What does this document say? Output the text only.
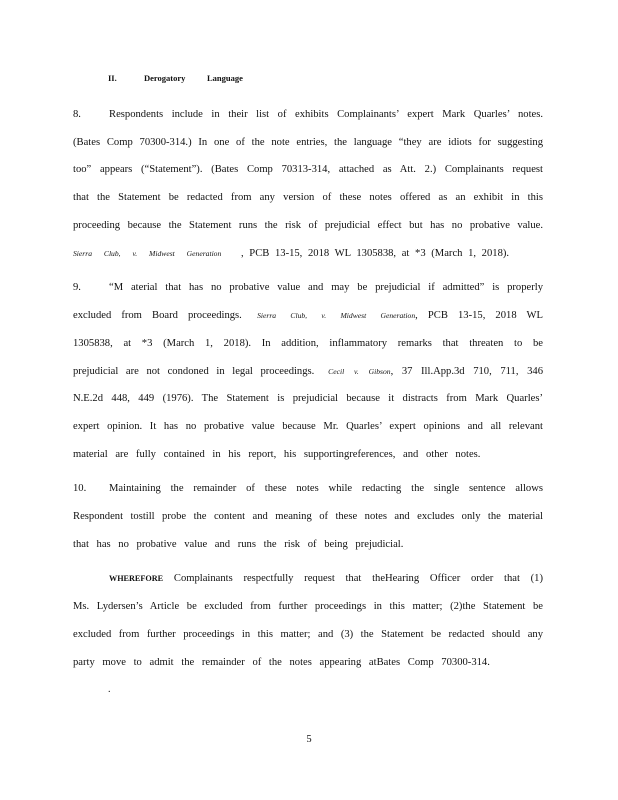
II.	Derogatory	Language

8.	Respondents include in their list of exhibits Complainants’ expert Mark Quarles’ notes.

(Bates Comp 70300-314.) In one of the note entries, the language “they are idiots for suggesting

too” appears (“Statement”). (Bates Comp 70313-314, attached as Att. 2.) Complainants request

that the Statement be redacted from any version of these notes offered as an exhibit in this

proceeding because the Statement runs the risk of prejudicial effect but has no probative value.

Sierra Club, v. Midwest Generation , PCB 13-15, 2018 WL 1305838, at *3 (March 1, 2018).

9.	“M aterial that has no probative value and may be prejudicial if admitted” is properly

excluded from Board proceedings. Sierra Club, v. Midwest Generation, PCB 13-15, 2018 WL

1305838, at *3 (March 1, 2018). In addition, inflammatory remarks that threaten to be

prejudicial are not condoned in legal proceedings. Cecil v. Gibson, 37 Ill.App.3d 710, 711, 346

N.E.2d 448, 449 (1976). The Statement is prejudicial because it distracts from Mark Quarles’

expert opinion. It has no probative value because Mr. Quarles’ expert opinions and all relevant

material are fully contained in his report, his supportingreferences, and other notes.

10. Maintaining the remainder of these notes while redacting the single sentence allows

Respondent tostill probe the content and meaning of these notes and excludes only the material

that has no probative value and runs the risk of being prejudicial.

WHEREFORE Complainants respectfully request that theHearing Officer order that (1)

Ms. Lydersen’s Article be excluded from further proceedings in this matter; (2)the Statement be

excluded from further proceedings in this matter; and (3) the Statement be redacted should any

party move to admit the remainder of the notes appearing atBates Comp 70300-314.

.
5
